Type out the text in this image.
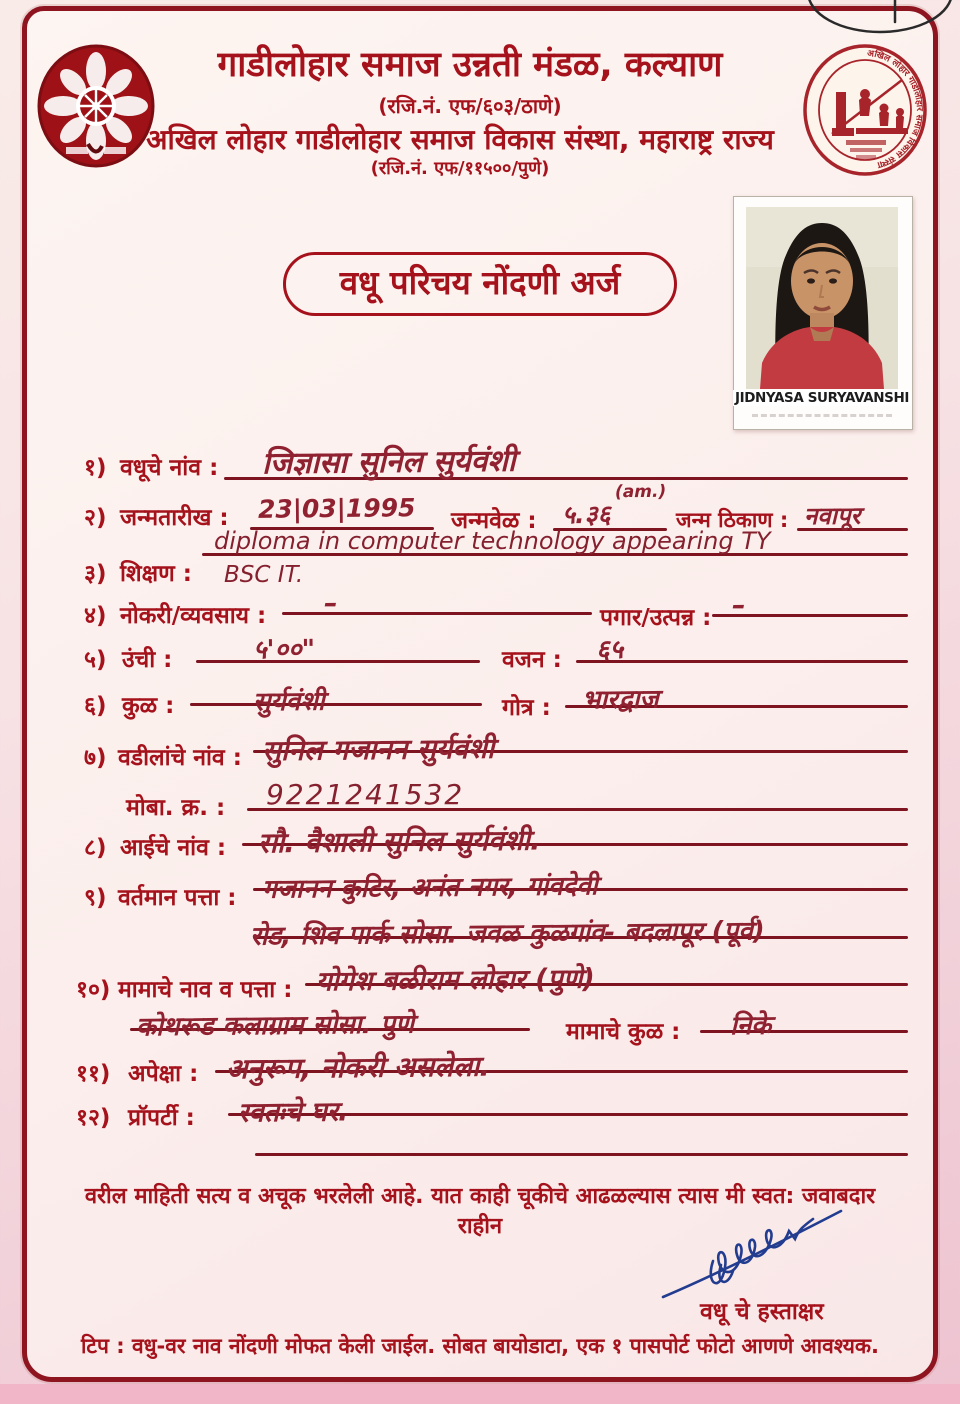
अखिल लोहार गाडीलोहार समाज विकास संस्था
गाडीलोहार समाज उन्नती मंडळ, कल्याण
(रजि.नं. एफ/६०३/ठाणे)
अखिल लोहार गाडीलोहार समाज विकास संस्था, महाराष्ट्र राज्य
(रजि.नं. एफ/११५००/पुणे)
JIDNYASA SURYAVANSHI
वधू परिचय नोंदणी अर्ज
१) वधूचे नांव : जिज्ञासा सुनिल सुर्यवंशी
२) जन्मतारीख : 23|03|1995 जन्मवेळ : ५.३६
(am.)
जन्म ठिकाण : नवापूर
३) शिक्षण :
diploma in computer technology appearing TY
BSC IT.
४) नोकरी/व्यवसाय : –	पगार/उत्पन्न : –
५) उंची :	५'००"	वजन : ६५
६) कुळ :	सुर्यवंशी	गोत्र : भारद्वाज
७) वडीलांचे नांव : सुनिल गजानन सुर्यवंशी
मोबा. क्र. : 9221241532
८) आईचे नांव : सौ. वैशाली सुनिल सुर्यवंशी.
९) वर्तमान पत्ता : गजानन कुटिर, अनंत नगर, गांवदेवी
रोड, शिव पार्क सोसा. जवळ कुळगांव- बदलापूर (पूर्व)
१०) मामाचे नाव व पत्ता : योगेश बळीराम लोहार (पुणे)
कोथरूड कलाग्राम सोसा. पुणे	मामाचे कुळ : निके
११) अपेक्षा : अनुरूप, नोकरी असलेला.
१२) प्रॉपर्टी : स्वतःचे घर.
वरील माहिती सत्य व अचूक भरलेली आहे. यात काही चूकीचे आढळल्यास त्यास मी स्वत: जवाबदार राहीन
वधू चे हस्ताक्षर
टिप : वधु-वर नाव नोंदणी मोफत केली जाईल. सोबत बायोडाटा, एक १ पासपोर्ट फोटो आणणे आवश्यक.
